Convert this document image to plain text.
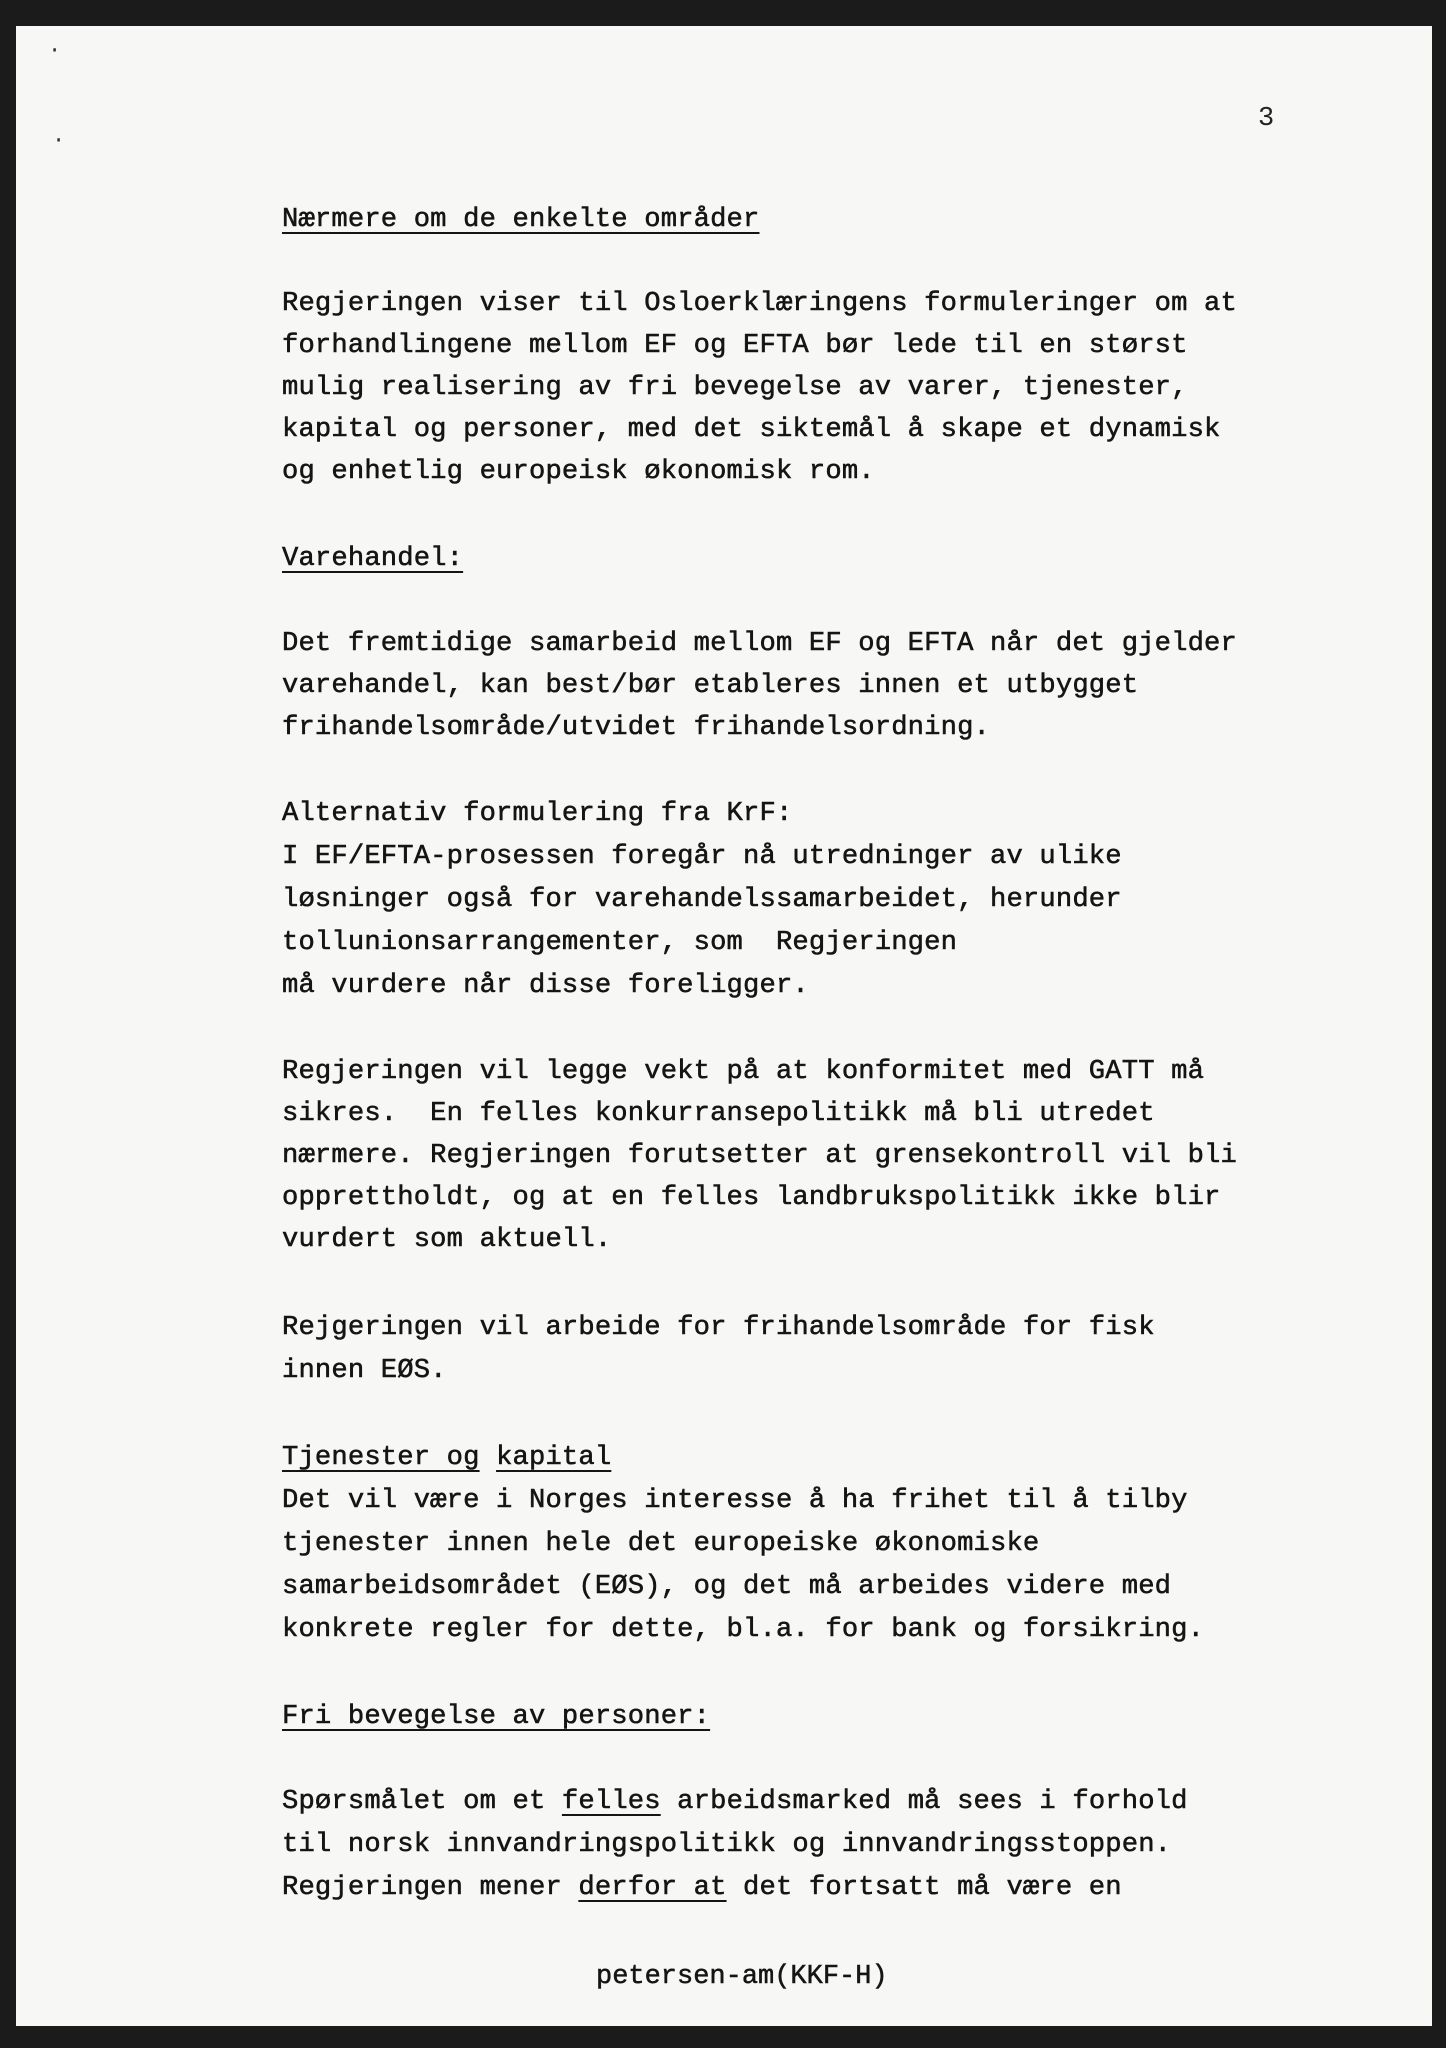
·
·
3
Nærmere om de enkelte områder
Regjeringen viser til Osloerklæringens formuleringer om at
forhandlingene mellom EF og EFTA bør lede til en størst
mulig realisering av fri bevegelse av varer, tjenester,
kapital og personer, med det siktemål å skape et dynamisk
og enhetlig europeisk økonomisk rom.
Varehandel:
Det fremtidige samarbeid mellom EF og EFTA når det gjelder
varehandel, kan best/bør etableres innen et utbygget
frihandelsområde/utvidet frihandelsordning.
Alternativ formulering fra KrF:
I EF/EFTA-prosessen foregår nå utredninger av ulike
løsninger også for varehandelssamarbeidet, herunder
tollunionsarrangementer, som  Regjeringen
må vurdere når disse foreligger.
Regjeringen vil legge vekt på at konformitet med GATT må
sikres.  En felles konkurransepolitikk må bli utredet
nærmere. Regjeringen forutsetter at grensekontroll vil bli
opprettholdt, og at en felles landbrukspolitikk ikke blir
vurdert som aktuell.
Rejgeringen vil arbeide for frihandelsområde for fisk
innen EØS.
Tjenester og kapital
Det vil være i Norges interesse å ha frihet til å tilby
tjenester innen hele det europeiske økonomiske
samarbeidsområdet (EØS), og det må arbeides videre med
konkrete regler for dette, bl.a. for bank og forsikring.
Fri bevegelse av personer:
Spørsmålet om et felles arbeidsmarked må sees i forhold
til norsk innvandringspolitikk og innvandringsstoppen.
Regjeringen mener derfor at det fortsatt må være en
petersen-am(KKF-H)
